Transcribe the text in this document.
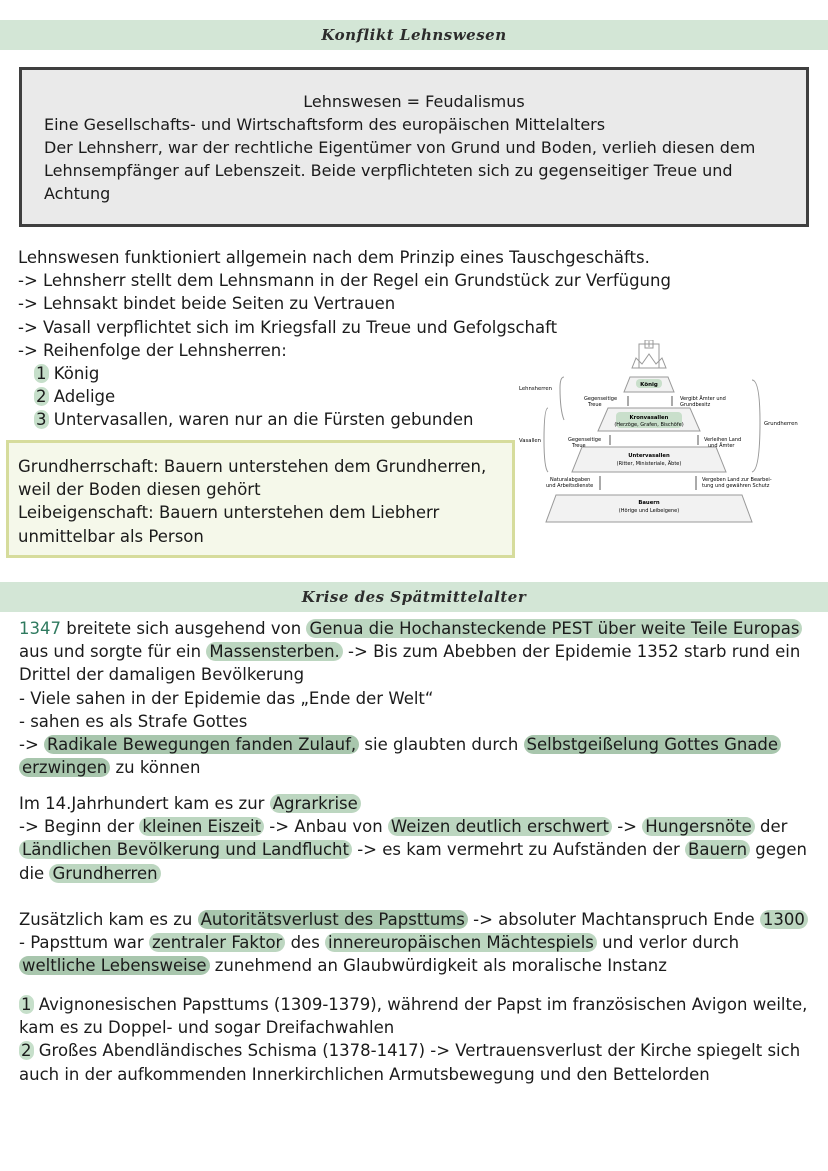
Konflikt Lehnswesen
Lehnswesen = Feudalismus
Eine Gesellschafts- und Wirtschaftsform des europäischen Mittelalters
Der Lehnsherr, war der rechtliche Eigentümer von Grund und Boden, verlieh diesen dem
Lehnsempfänger auf Lebenszeit. Beide verpflichteten sich zu gegenseitiger Treue und
Achtung
Lehnswesen funktioniert allgemein nach dem Prinzip eines Tauschgeschäfts.
-> Lehnsherr stellt dem Lehnsmann in der Regel ein Grundstück zur Verfügung
-> Lehnsakt bindet beide Seiten zu Vertrauen
-> Vasall verpflichtet sich im Kriegsfall zu Treue und Gefolgschaft
-> Reihenfolge der Lehnsherren:
1 König
2 Adelige
3 Untervasallen, waren nur an die Fürsten gebunden
Grundherrschaft: Bauern unterstehen dem Grundherren,
weil der Boden diesen gehört
Leibeigenschaft: Bauern unterstehen dem Liebherr
unmittelbar als Person
König
Kronvasallen
(Herzöge, Grafen, Bischöfe)
Untervasallen
(Ritter, Ministeriale, Äbte)
Bauern
(Hörige und Leibeigene)
Lehnsherren
Vasallen
Grundherren
Gegenseitige
Treue
Gegenseitige
Treue
Vergibt Ämter und
Grundbesitz
Verleihen Land
und Ämter
Naturalabgaben
und Arbeitsdienste
Vergeben Land zur Bearbei-
tung und gewähren Schutz
Krise des Spätmittelalter
1347 breitete sich ausgehend von Genua die Hochansteckende PEST über weite Teile Europas
aus und sorgte für ein Massensterben. -> Bis zum Abebben der Epidemie 1352 starb rund ein
Drittel der damaligen Bevölkerung
- Viele sahen in der Epidemie das „Ende der Welt“
- sahen es als Strafe Gottes
-> Radikale Bewegungen fanden Zulauf, sie glaubten durch Selbstgeißelung Gottes Gnade
erzwingen zu können
Im 14.Jahrhundert kam es zur Agrarkrise
-> Beginn der kleinen Eiszeit -> Anbau von Weizen deutlich erschwert -> Hungersnöte der
Ländlichen Bevölkerung und Landflucht -> es kam vermehrt zu Aufständen der Bauern gegen
die Grundherren
Zusätzlich kam es zu Autoritätsverlust des Papsttums -> absoluter Machtanspruch Ende 1300
- Papsttum war zentraler Faktor des innereuropäischen Mächtespiels und verlor durch
weltliche Lebensweise zunehmend an Glaubwürdigkeit als moralische Instanz
1 Avignonesischen Papsttums (1309-1379), während der Papst im französischen Avigon weilte,
kam es zu Doppel- und sogar Dreifachwahlen
2 Großes Abendländisches Schisma (1378-1417) -> Vertrauensverlust der Kirche spiegelt sich
auch in der aufkommenden Innerkirchlichen Armutsbewegung und den Bettelorden
